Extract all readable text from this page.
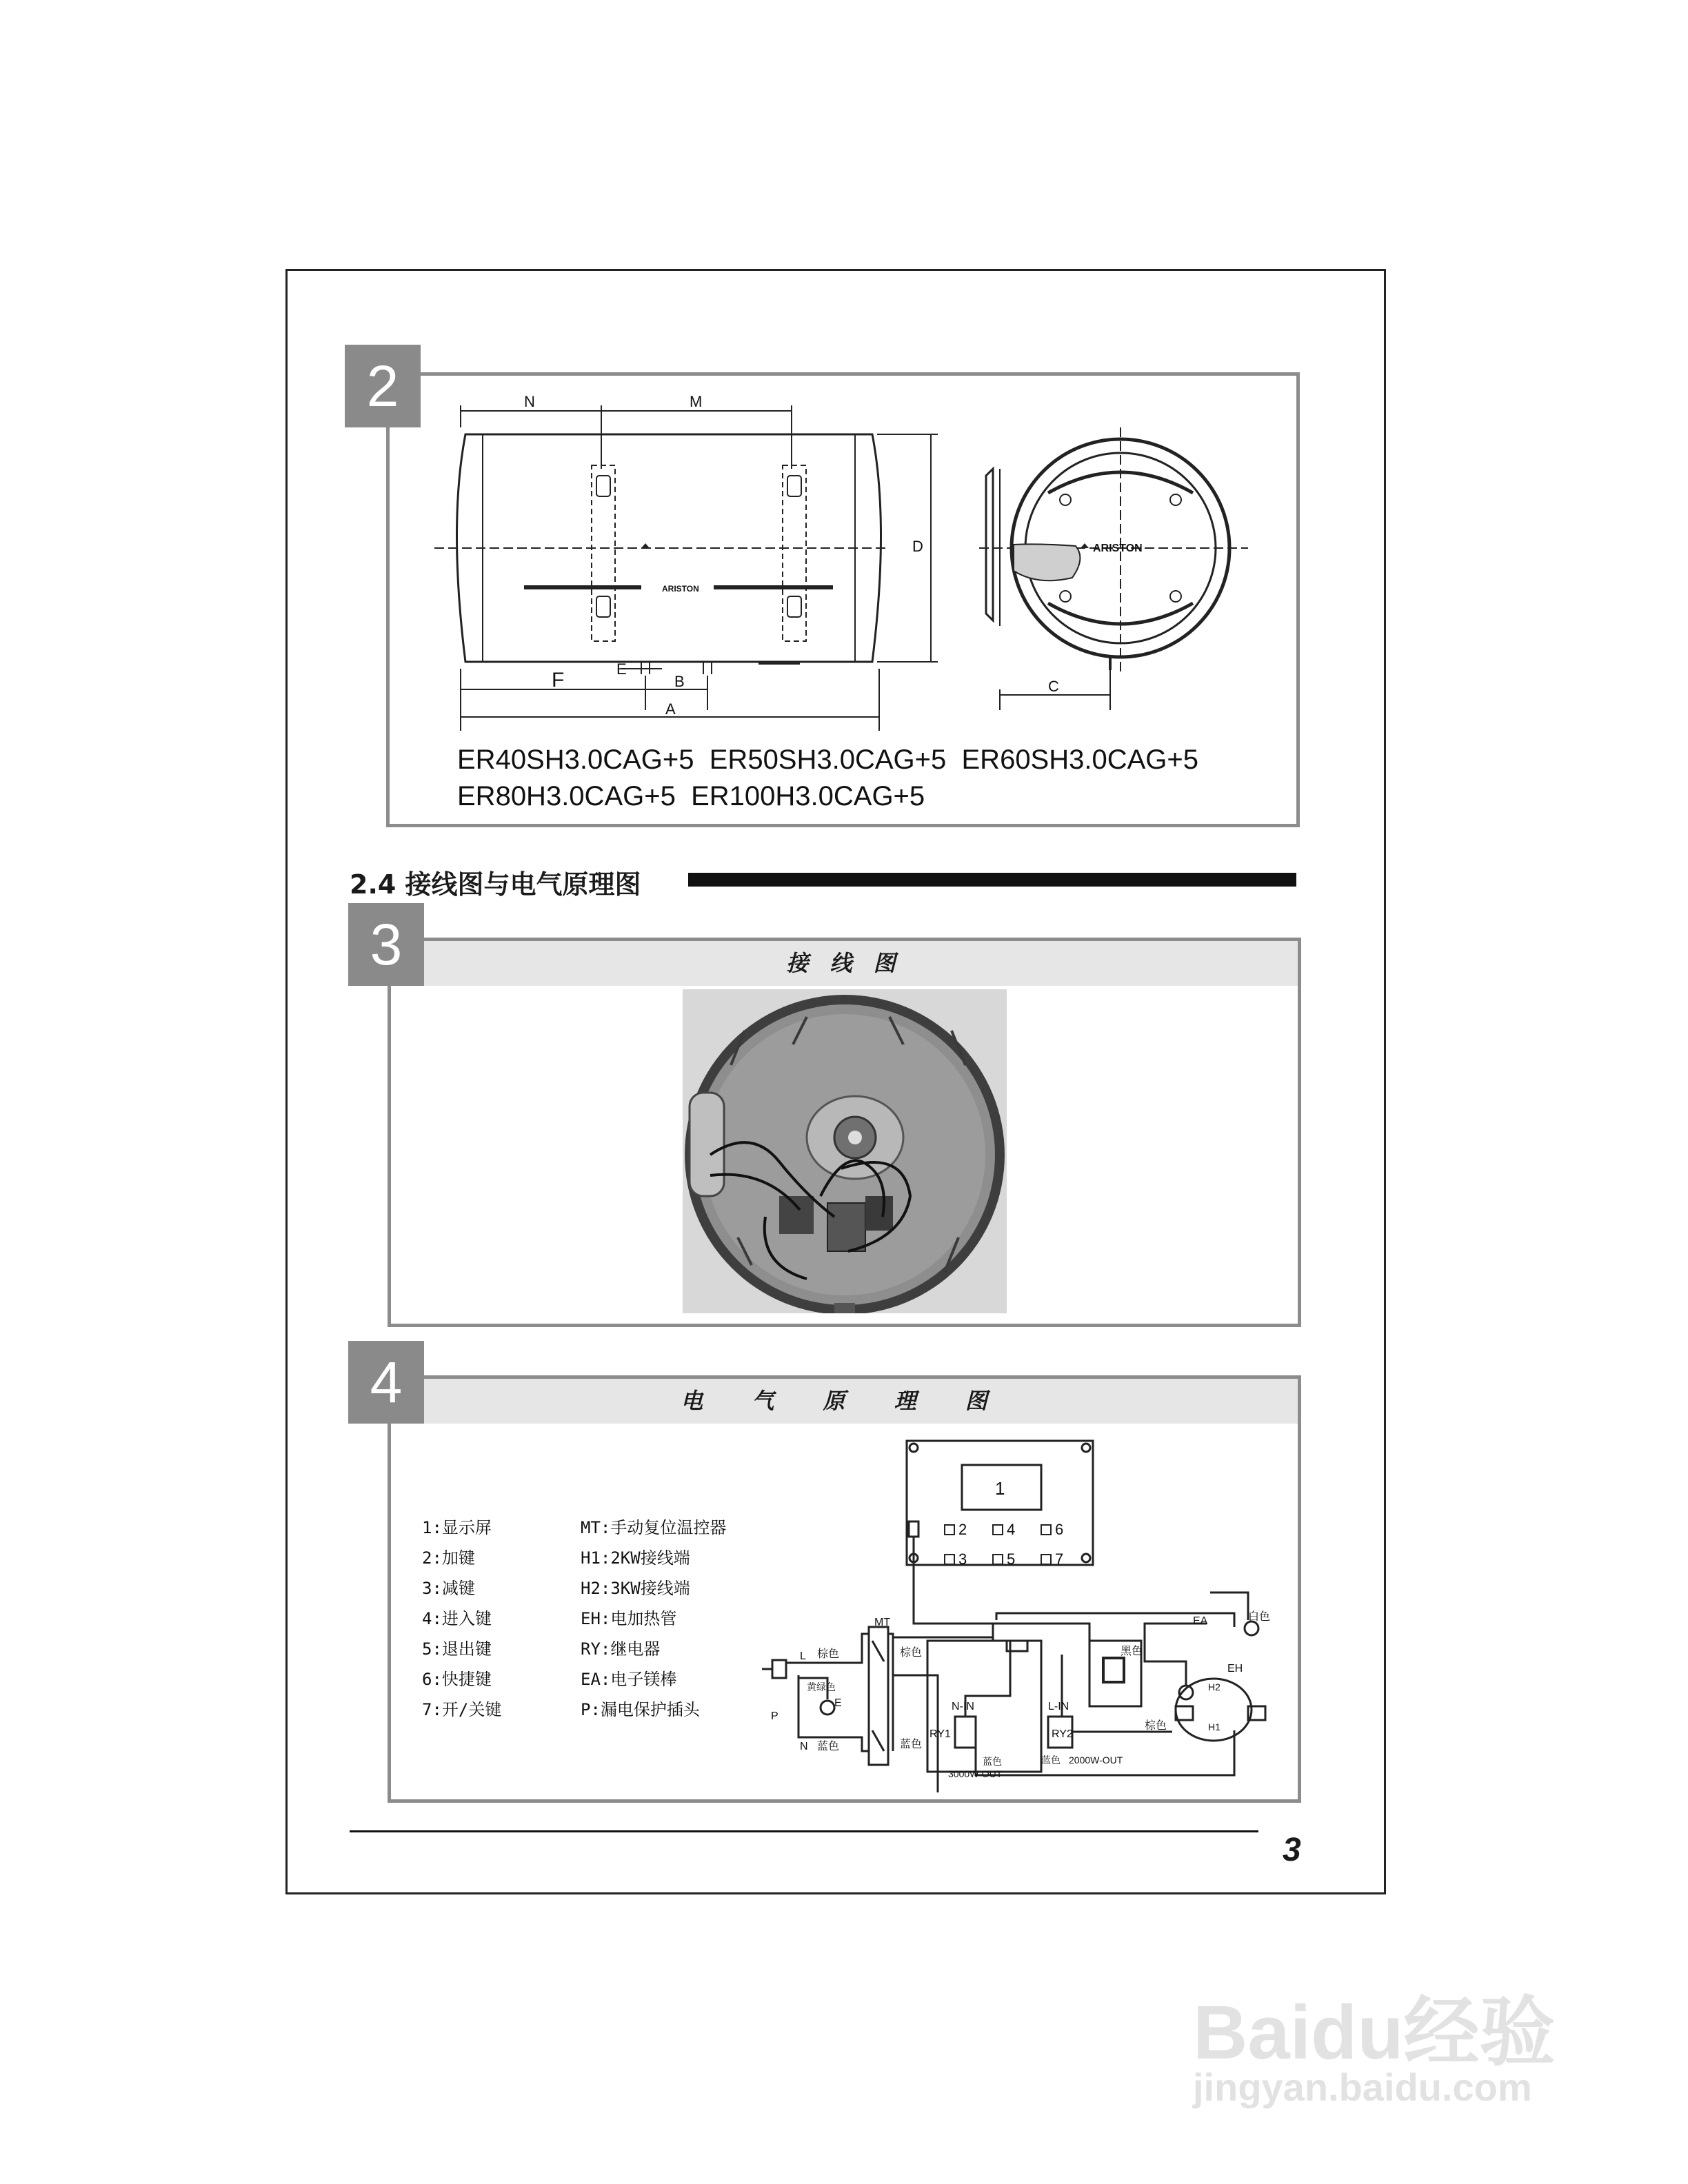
2	N	M
D
E
B
F
A
C
ARISTON
ARISTON
ER40SH3.0CAG+5 ER50SH3.0CAG+5 ER60SH3.0CAG+5
ER80H3.0CAG+5 ER100H3.0CAG+5
2.4 接线图与电气原理图
接 线 图
3
电 气 原 理 图
4
1:显示屏
2:加键
3:减键
4:进入键
5:退出键
6:快捷键
7:开/关键
MT:手动复位温控器
H1:2KW接线端
H2:3KW接线端
EH:电加热管
RY:继电器
EA:电子镁棒
P:漏电保护插头
1
2	4	6
3	5	7
MT
L
N
P
E
棕色
蓝色
黄绿色
棕色
蓝色
黑色
白色
棕色
EA
EH
H2
H1
RY1	RY2
N-IN	L-IN
蓝色
3000W-OUT
蓝色 2000W-OUT
3
Baidu经验
jingyan.baidu.com
